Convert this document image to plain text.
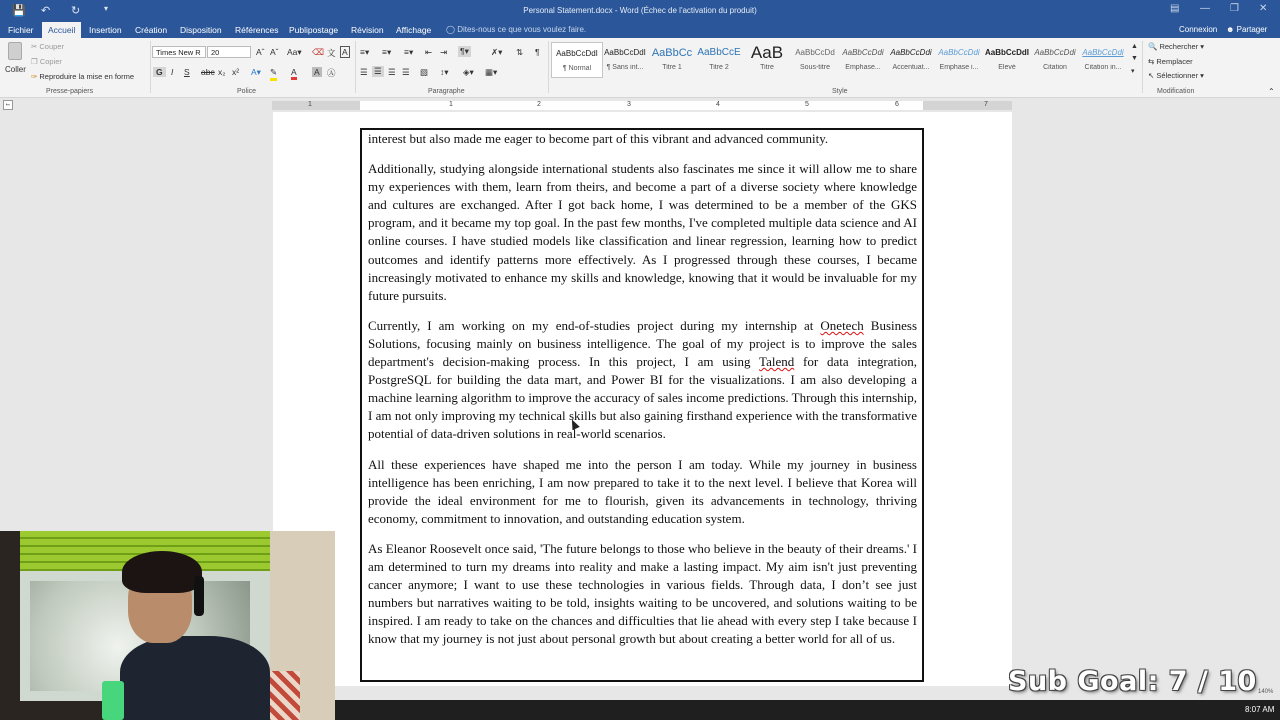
💾 ↶ ↻	▾	Personal Statement.docx - Word (Échec de l'activation du produit)	▤ — ❐ ✕
Fichier	Accueil	Insertion Création Disposition Références Publipostage Révision Affichage ◯ Dites-nous ce que vous voulez faire.	Connexion ☻ Partager
Coller
✂ Couper
❐ Copier
✑ Reproduire la mise en forme
Presse-papiers
Times New R	20	Aˆ Aˇ Aa▾ ⌫ 文 A
G I S abc x₂ x² A▾ ✎ A A Ⓐ
Police
≡▾ ≡▾ ≡▾ ⇤ ⇥ ¶▾	✗▾ ⇅ ¶
☰ ☰ ☰ ☰ ▧ ↕▾ ◈▾ ▦▾
Paragraphe
AaBbCcDdI
¶ Normal
AaBbCcDdI
¶ Sans int...
AaBbCc
Titre 1
AaBbCcE
Titre 2
AaB
Titre
AaBbCcDd
Sous-titre
AaBbCcDdi
Emphase...
AaBbCcDdi
Accentuat...
AaBbCcDdi
Emphase i...
AaBbCcDdI
Élevé
AaBbCcDdi
Citation
AaBbCcDdi
Citation in...
▲
▼
▾
Style
🔍 Rechercher ▾
⇆ Remplacer
↖ Sélectionner ▾
Modification	⌃
⌙	1	1	2	3	4	5	6	7

interest but also made me eager to become part of this vibrant and advanced community.

Additionally, studying alongside international students also fascinates me since it will allow me to share my experiences with them, learn from theirs, and become a part of a diverse society where knowledge and cultures are exchanged. After I got back home, I was determined to be a member of the GKS program, and it became my top goal. In the past few months, I've completed multiple data science and AI online courses. I have studied models like classification and linear regression, learning how to predict outcomes and identify patterns more effectively. As I progressed through these courses, I became increasingly motivated to enhance my skills and knowledge, knowing that it would be invaluable for my future pursuits.

Currently, I am working on my end-of-studies project during my internship at Onetech Business Solutions, focusing mainly on business intelligence. The goal of my project is to improve the sales department's decision-making process. In this project, I am using Talend for data integration, PostgreSQL for building the data mart, and Power BI for the visualizations. I am also developing a machine learning algorithm to improve the accuracy of sales income predictions. Through this internship, I am not only improving my technical skills but also gaining firsthand experience with the transformative potential of data-driven solutions in real-world scenarios.

All these experiences have shaped me into the person I am today. While my journey in business intelligence has been enriching, I am now prepared to take it to the next level. I believe that Korea will provide the ideal environment for me to flourish, given its advancements in technology, thriving economy, commitment to innovation, and outstanding education system.

As Eleanor Roosevelt once said, 'The future belongs to those who believe in the beauty of their dreams.' I am determined to turn my dreams into reality and make a lasting impact. My aim isn't just preventing cancer anymore; I want to use these technologies in various fields. Through data, I don’t see just numbers but narratives waiting to be told, insights waiting to be uncovered, and solutions waiting to be inspired. I am ready to take on the chances and difficulties that lie ahead with every step I take because I know that my journey is not just about personal growth but about creating a better world for all of us.

140%
8:07 AM
Sub Goal: 7 / 10
